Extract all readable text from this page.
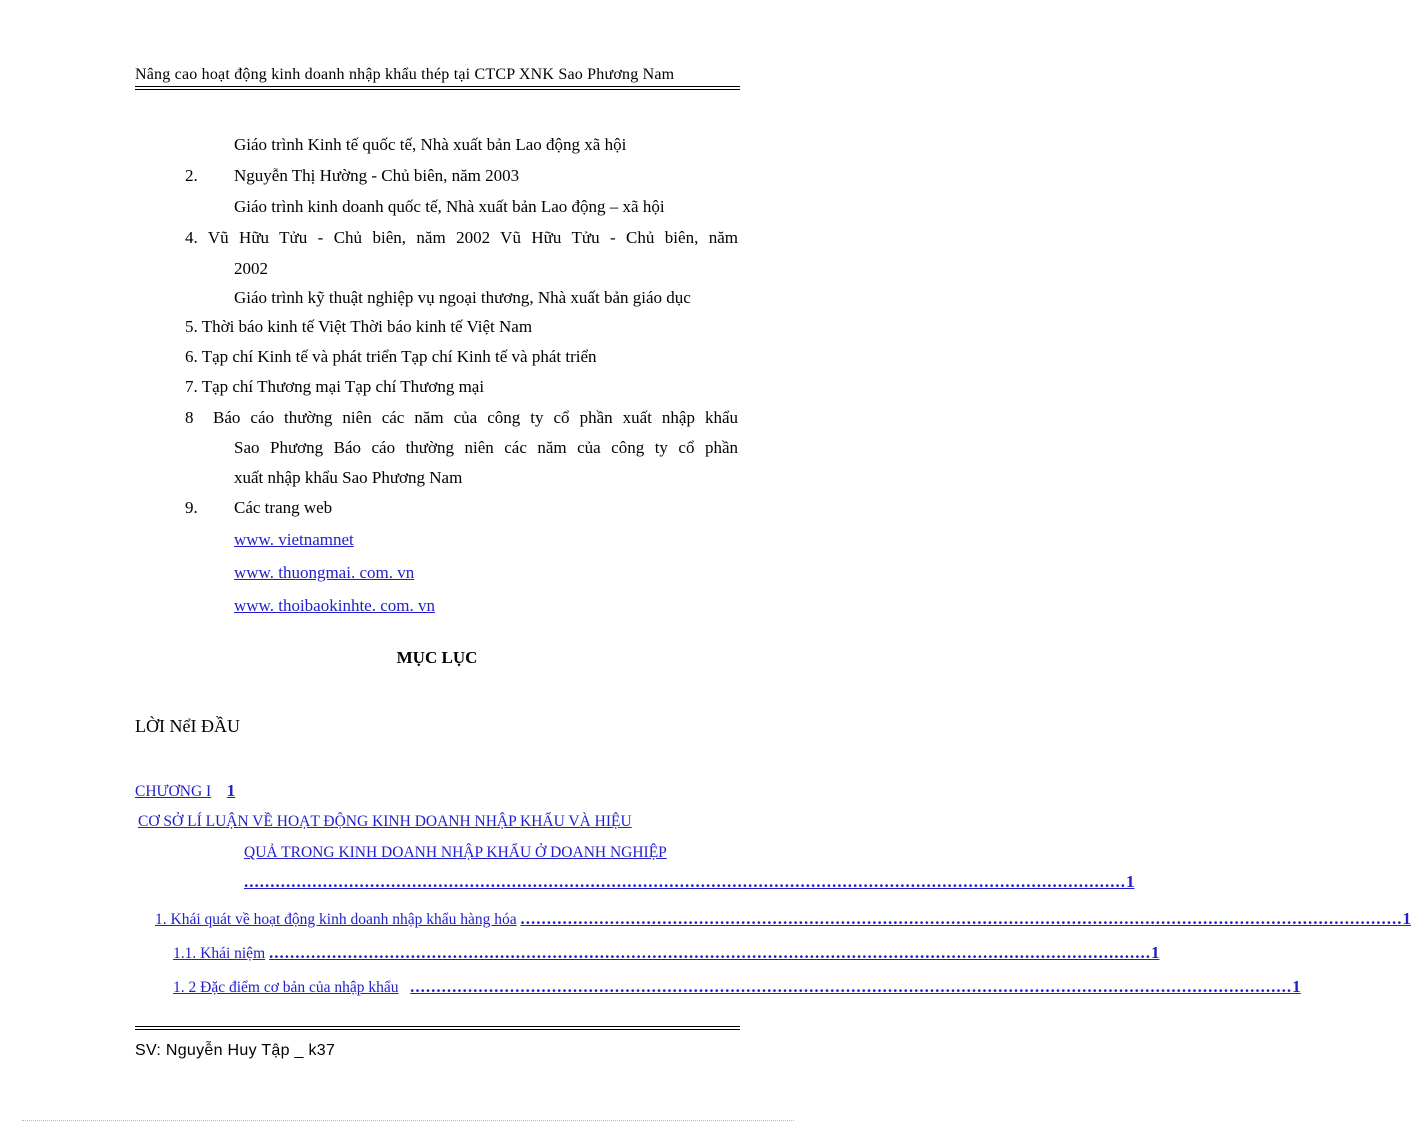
Nâng cao hoạt động kinh doanh nhập khẩu thép tại CTCP XNK Sao Phương Nam
Giáo trình Kinh tế quốc tế, Nhà xuất bản Lao động xã hội
2. Nguyễn Thị Hường - Chủ biên, năm 2003
Giáo trình kinh doanh quốc tế, Nhà xuất bản Lao động – xã hội
4. Vũ Hữu Tửu - Chủ biên, năm 2002 Vũ Hữu Tửu - Chủ biên, năm
2002
Giáo trình kỹ thuật nghiệp vụ ngoại thương, Nhà xuất bản giáo dục
5. Thời báo kinh tế Việt Thời báo kinh tế Việt Nam
6. Tạp chí Kinh tế và phát triển Tạp chí Kinh tế và phát triển
7. Tạp chí Thương mại Tạp chí Thương mại
8 Báo cáo thường niên các năm của công ty cổ phần xuất nhập khẩu
Sao Phương Báo cáo thường niên các năm của công ty cổ phần
xuất nhập khẩu Sao Phương Nam
9. Các trang web
www. vietnamnet
www. thuongmai. com. vn
www. thoibaokinhte. com. vn
MỤC LỤC
LỜI NểI ĐẦU
CHƯƠNG I 1
CƠ SỞ LÍ LUẬN VỀ HOẠT ĐỘNG KINH DOANH NHẬP KHẨU VÀ HIỆU
QUẢ TRONG KINH DOANH NHẬP KHẨU Ở DOANH NGHIỆP
........................................................................................................................................................................ 1
1. Khái quát về hoạt động kinh doanh nhập khẩu hàng hóa
........................................................................................................................................................................ 1
1.1. Khái niệm
........................................................................................................................................................................ 1
1. 2 Đặc điểm cơ bản của nhập khẩu
........................................................................................................................................................................ 1
SV: Nguyễn Huy Tập _ k37
